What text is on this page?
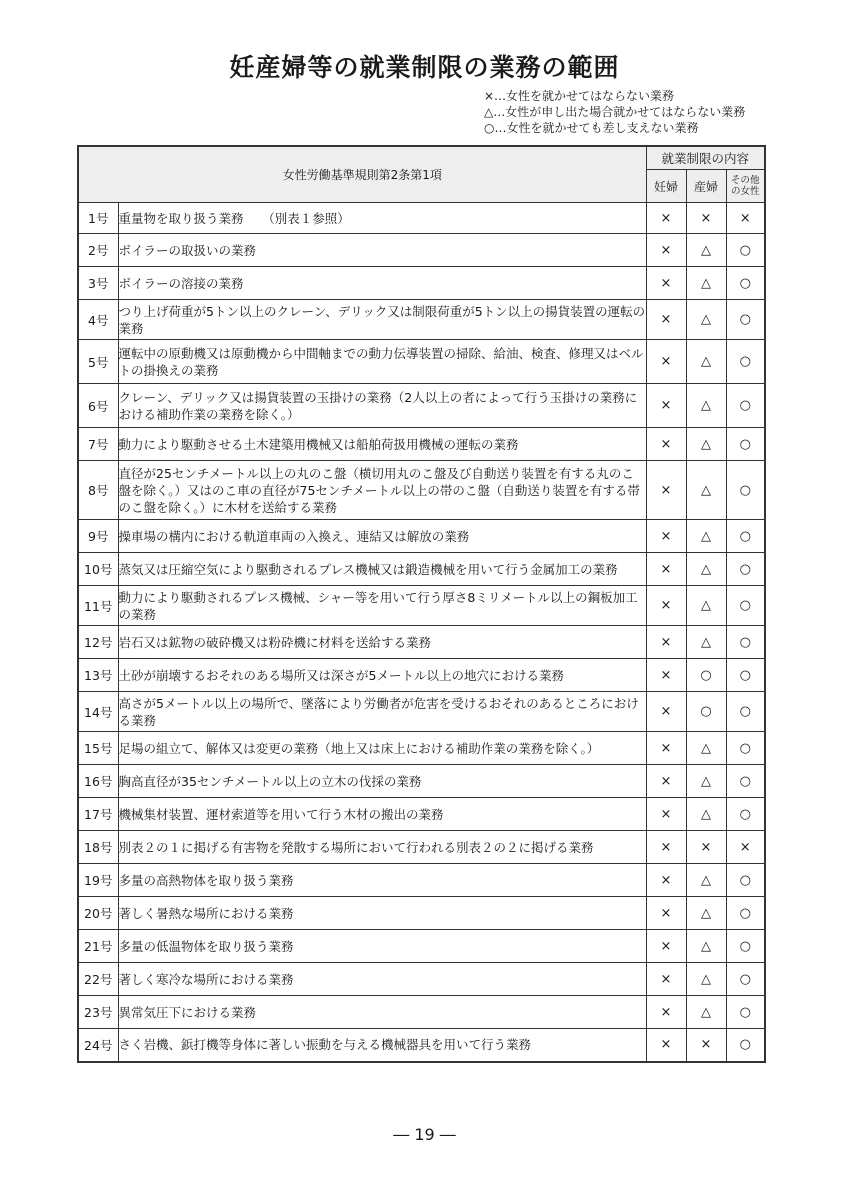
妊産婦等の就業制限の業務の範囲
×…女性を就かせてはならない業務
△…女性が申し出た場合就かせてはならない業務
○…女性を就かせても差し支えない業務
女性労働基準規則第2条第1項		就業制限の内容		
		妊婦	産婦	その他
の女性
1号	重量物を取り扱う業務　　（別表１参照）	×	×	×
2号	ボイラーの取扱いの業務	×	△	○
3号	ボイラーの溶接の業務	×	△	○
4号	つり上げ荷重が5トン以上のクレーン、デリック又は制限荷重が5トン以上の揚貨装置の運転の業務	×	△	○
5号	運転中の原動機又は原動機から中間軸までの動力伝導装置の掃除、給油、検査、修理又はベルトの掛換えの業務	×	△	○
6号	クレーン、デリック又は揚貨装置の玉掛けの業務（2人以上の者によって行う玉掛けの業務における補助作業の業務を除く。）	×	△	○
7号	動力により駆動させる土木建築用機械又は船舶荷扱用機械の運転の業務	×	△	○
8号	直径が25センチメートル以上の丸のこ盤（横切用丸のこ盤及び自動送り装置を有する丸のこ盤を除く。）又はのこ車の直径が75センチメートル以上の帯のこ盤（自動送り装置を有する帯のこ盤を除く。）に木材を送給する業務	×	△	○
9号	操車場の構内における軌道車両の入換え、連結又は解放の業務	×	△	○
10号	蒸気又は圧縮空気により駆動されるプレス機械又は鍛造機械を用いて行う金属加工の業務	×	△	○
11号	動力により駆動されるプレス機械、シャー等を用いて行う厚さ8ミリメートル以上の鋼板加工の業務	×	△	○
12号	岩石又は鉱物の破砕機又は粉砕機に材料を送給する業務	×	△	○
13号	土砂が崩壊するおそれのある場所又は深さが5メートル以上の地穴における業務	×	○	○
14号	高さが5メートル以上の場所で、墜落により労働者が危害を受けるおそれのあるところにおける業務	×	○	○
15号	足場の組立て、解体又は変更の業務（地上又は床上における補助作業の業務を除く。）	×	△	○
16号	胸高直径が35センチメートル以上の立木の伐採の業務	×	△	○
17号	機械集材装置、運材索道等を用いて行う木材の搬出の業務	×	△	○
18号	別表２の１に掲げる有害物を発散する場所において行われる別表２の２に掲げる業務	×	×	×
19号	多量の高熱物体を取り扱う業務	×	△	○
20号	著しく暑熱な場所における業務	×	△	○
21号	多量の低温物体を取り扱う業務	×	△	○
22号	著しく寒冷な場所における業務	×	△	○
23号	異常気圧下における業務	×	△	○
24号	さく岩機、鋲打機等身体に著しい振動を与える機械器具を用いて行う業務	×	×	○
― 19 ―
